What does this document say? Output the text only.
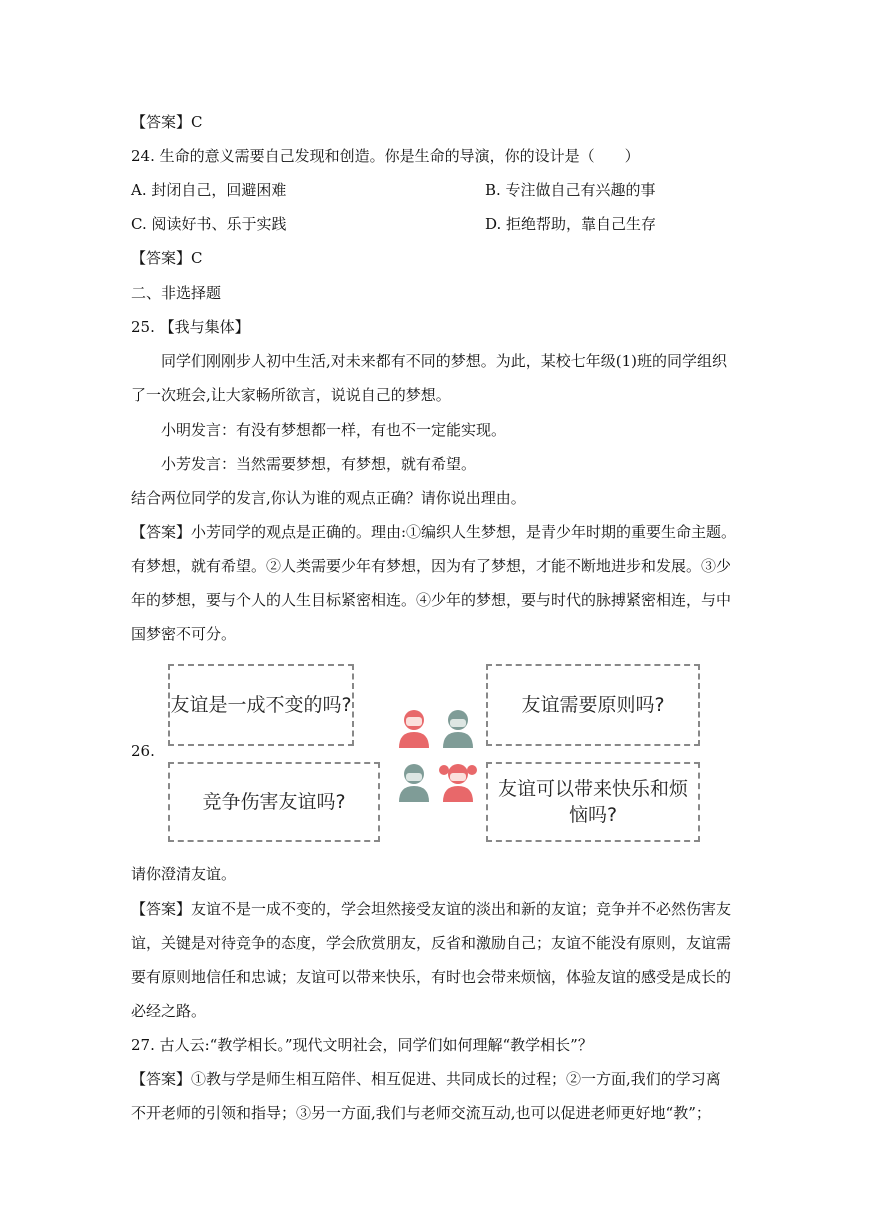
【答案】C
24. 生命的意义需要自己发现和创造。你是生命的导演，你的设计是（　　）
A. 封闭自己，回避困难	B. 专注做自己有兴趣的事
C. 阅读好书、乐于实践	D. 拒绝帮助，靠自己生存
【答案】C
二、非选择题
25. 【我与集体】
同学们刚刚步人初中生活,对未来都有不同的梦想。为此，某校七年级(1)班的同学组织
了一次班会,让大家畅所欲言，说说自己的梦想。
小明发言：有没有梦想都一样，有也不一定能实现。
小芳发言：当然需要梦想，有梦想，就有希望。
结合两位同学的发言,你认为谁的观点正确？请你说出理由。
【答案】小芳同学的观点是正确的。理由:①编织人生梦想，是青少年时期的重要生命主题。
有梦想，就有希望。②人类需要少年有梦想，因为有了梦想，才能不断地进步和发展。③少
年的梦想，要与个人的人生目标紧密相连。④少年的梦想，要与时代的脉搏紧密相连，与中
国梦密不可分。
26.
友谊是一成不变的吗?	友谊需要原则吗?
竞争伤害友谊吗?
友谊可以带来快乐和烦恼吗?
请你澄清友谊。
【答案】友谊不是一成不变的，学会坦然接受友谊的淡出和新的友谊；竞争并不必然伤害友
谊，关键是对待竞争的态度，学会欣赏朋友，反省和激励自己；友谊不能没有原则，友谊需
要有原则地信任和忠诚；友谊可以带来快乐，有时也会带来烦恼，体验友谊的感受是成长的
必经之路。
27. 古人云:“教学相长。”现代文明社会，同学们如何理解“教学相长”？
【答案】①教与学是师生相互陪伴、相互促进、共同成长的过程；②一方面,我们的学习离
不开老师的引领和指导；③另一方面,我们与老师交流互动,也可以促进老师更好地“教”；
